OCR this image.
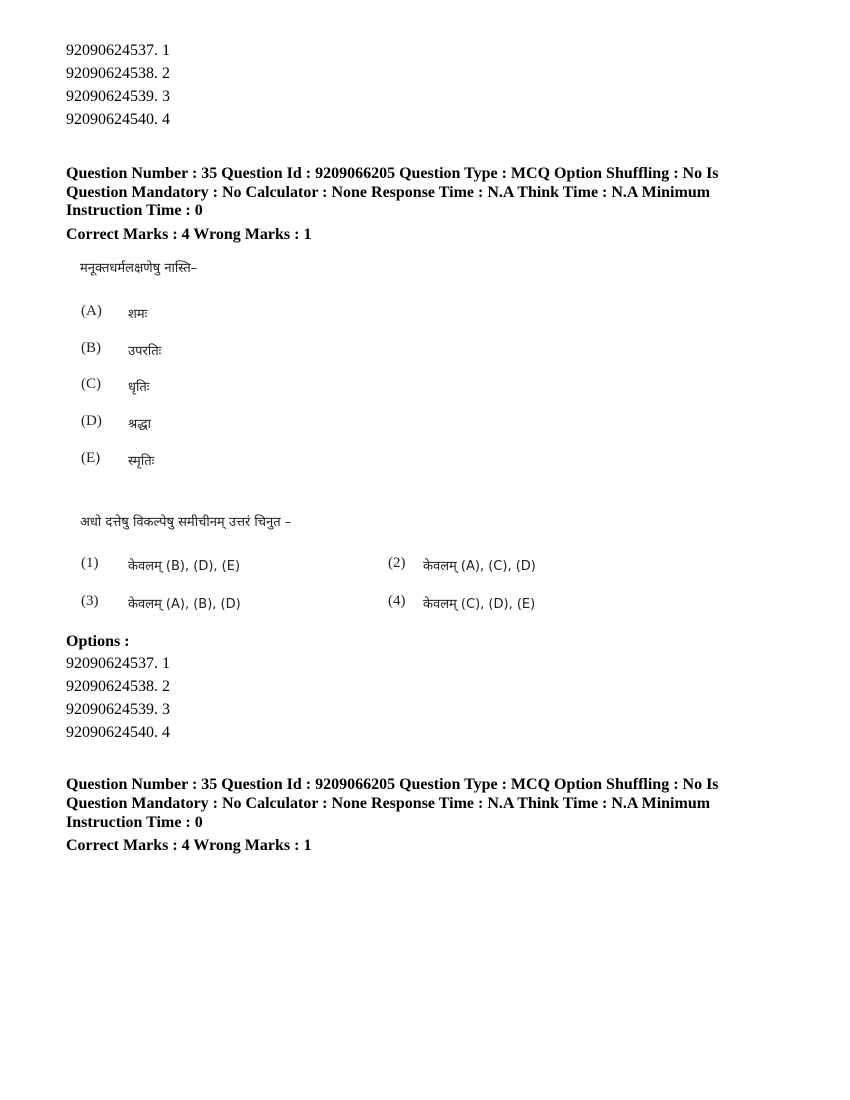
92090624537. 1
92090624538. 2
92090624539. 3
92090624540. 4
Question Number : 35 Question Id : 9209066205 Question Type : MCQ Option Shuffling : No Is
Question Mandatory : No Calculator : None Response Time : N.A Think Time : N.A Minimum
Instruction Time : 0
Correct Marks : 4 Wrong Marks : 1
मनूक्तधर्मलक्षणेषु नास्ति–
(A) शमः
(B) उपरतिः
(C) धृतिः
(D) श्रद्धा
(E) स्मृतिः
अधो दत्तेषु विकल्पेषु समीचीनम् उत्तरं चिनुत –
(1) केवलम् (B), (D), (E)	(2) केवलम् (A), (C), (D)
(3) केवलम् (A), (B), (D)	(4) केवलम् (C), (D), (E)
Options :
92090624537. 1
92090624538. 2
92090624539. 3
92090624540. 4
Question Number : 35 Question Id : 9209066205 Question Type : MCQ Option Shuffling : No Is
Question Mandatory : No Calculator : None Response Time : N.A Think Time : N.A Minimum
Instruction Time : 0
Correct Marks : 4 Wrong Marks : 1
